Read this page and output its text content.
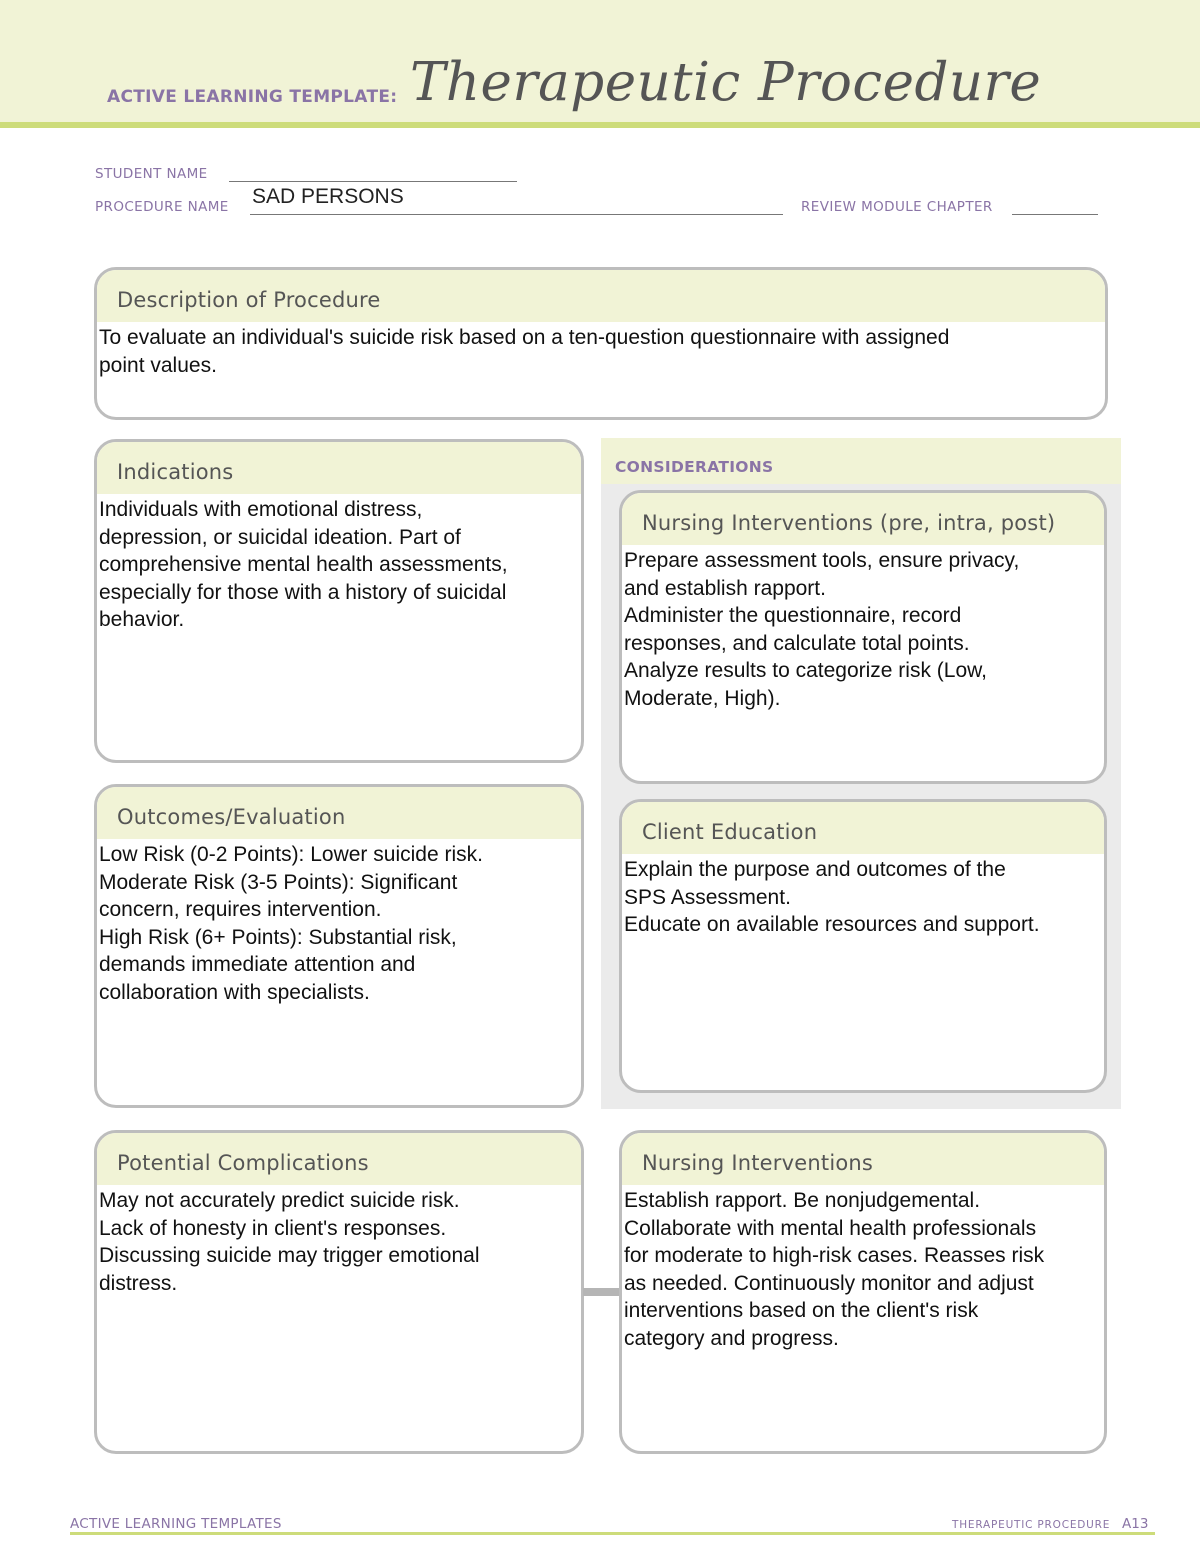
ACTIVE LEARNING TEMPLATE: Therapeutic Procedure
STUDENT NAME
PROCEDURE NAME SAD PERSONS	REVIEW MODULE CHAPTER
Description of Procedure
To evaluate an individual's suicide risk based on a ten-question questionnaire with assigned
point values.
Indications
Individuals with emotional distress,
depression, or suicidal ideation. Part of
comprehensive mental health assessments,
especially for those with a history of suicidal
behavior.
Outcomes/Evaluation
Low Risk (0-2 Points): Lower suicide risk.
Moderate Risk (3-5 Points): Significant
concern, requires intervention.
High Risk (6+ Points): Substantial risk,
demands immediate attention and
collaboration with specialists.
CONSIDERATIONS
Nursing Interventions (pre, intra, post)
Prepare assessment tools, ensure privacy,
and establish rapport.
Administer the questionnaire, record
responses, and calculate total points.
Analyze results to categorize risk (Low,
Moderate, High).
Client Education
Explain the purpose and outcomes of the
SPS Assessment.
Educate on available resources and support.
Potential Complications
May not accurately predict suicide risk.
Lack of honesty in client's responses.
Discussing suicide may trigger emotional
distress.
Nursing Interventions
Establish rapport. Be nonjudgemental.
Collaborate with mental health professionals
for moderate to high-risk cases. Reasses risk
as needed. Continuously monitor and adjust
interventions based on the client's risk
category and progress.
ACTIVE LEARNING TEMPLATES	THERAPEUTIC PROCEDURE A13
